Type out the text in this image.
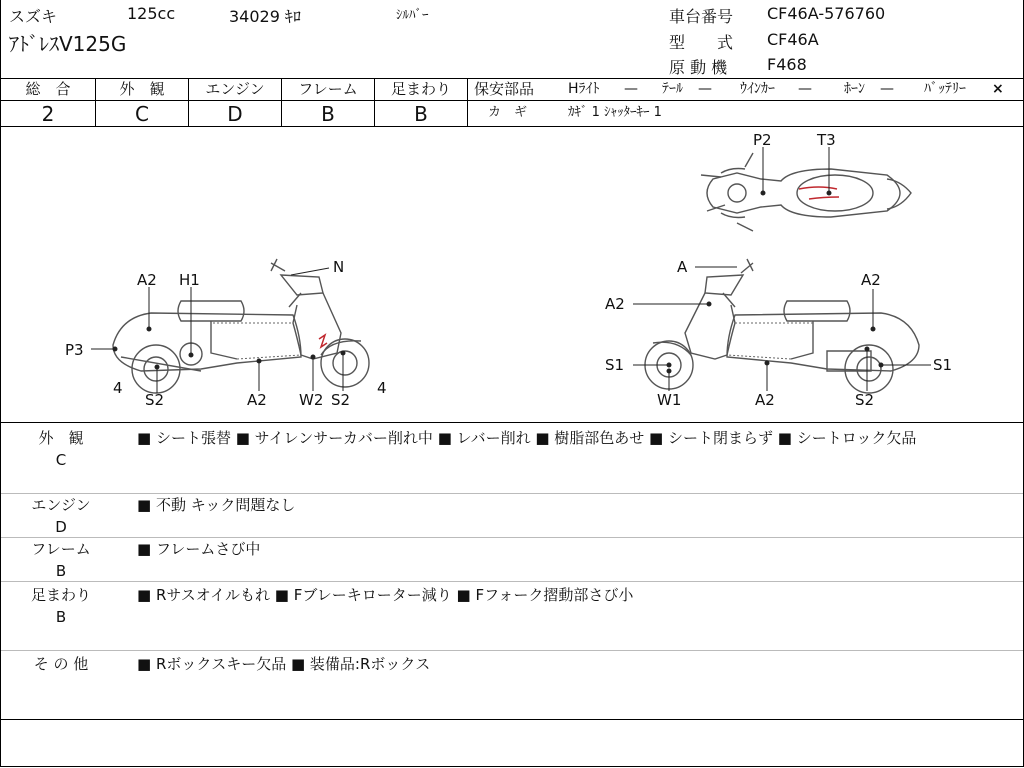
スズキ	125cc	34029 ｷﾛ	ｼﾙﾊﾞｰ
ｱﾄﾞﾚｽV125G
車台番号 CF46A-576760
型　　式 CF46A
原 動 機 F468
総　合
2
外　観
C
エンジン
D
フレーム
B
足まわり
B
保安部品 Hﾗｲﾄ — ﾃｰﾙ — ｳｲﾝｶｰ — ﾎｰﾝ — ﾊﾞｯﾃﾘｰ ×
カ　ギ	ｶｷﾞ 1 ｼｬｯﾀｰｷｰ 1
P2	T3
A2 H1
N
P3
4
S2	A2 W2 S2
4
A
A2
A2
S1	S1
W1	A2	S2
外　観
C
■ シート張替 ■ サイレンサーカバー削れ中 ■ レバー削れ ■ 樹脂部色あせ ■ シート閉まらず ■ シートロック欠品
エンジン
D
■ 不動 キック問題なし
フレーム
B
■ フレームさび中
足まわり
B
■ Rサスオイルもれ ■ Fブレーキローター減り ■ Fフォーク摺動部さび小
そ の 他	■ Rボックスキー欠品 ■ 装備品:Rボックス
